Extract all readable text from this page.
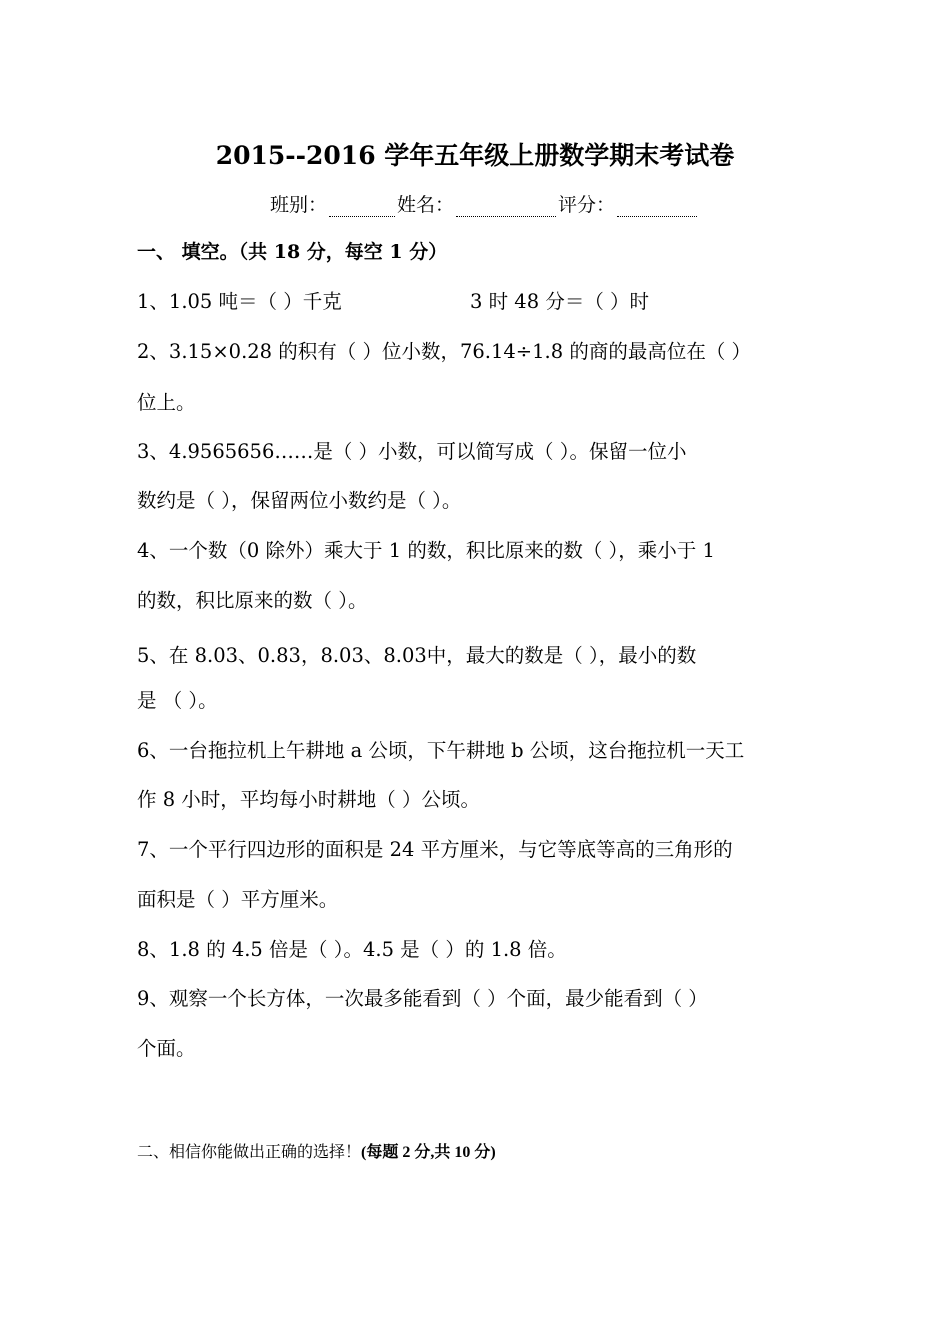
2015--2016 学年五年级上册数学期末考试卷
班别：	姓名：	评分：
一、 填空。（共 18 分，每空 1 分）
1、1.05 吨＝（ ）千克	3 时 48 分＝（ ）时
2、3.15×0.28 的积有（ ）位小数，76.14÷1.8 的商的最高位在（ ）
位上。
3、4.9565656……是（ ）小数，可以简写成（ ）。保留一位小
数约是（ ），保留两位小数约是（ ）。
4、一个数（0 除外）乘大于 1 的数，积比原来的数（ ），乘小于 1
的数，积比原来的数（ ）。
5、在 8.03、0.83，8.03、8.03中，最大的数是（ ），最小的数
是 （ ）。
6、一台拖拉机上午耕地 a 公顷，下午耕地 b 公顷，这台拖拉机一天工
作 8 小时，平均每小时耕地（ ）公顷。
7、一个平行四边形的面积是 24 平方厘米，与它等底等高的三角形的
面积是（ ）平方厘米。
8、1.8 的 4.5 倍是（ ）。4.5 是（ ）的 1.8 倍。
9、观察一个长方体，一次最多能看到（ ）个面，最少能看到（ ）
个面。
二、相信你能做出正确的选择！(每题 2 分,共 10 分)
